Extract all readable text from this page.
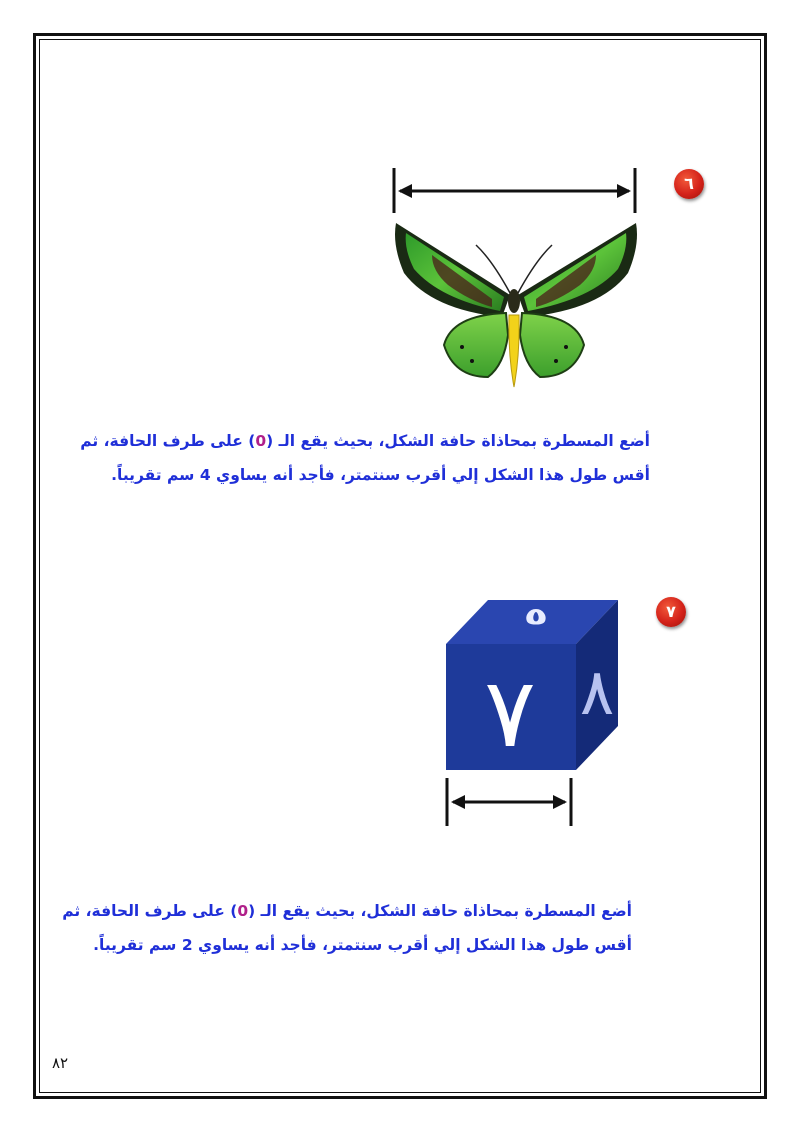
٦

أضع المسطرة بمحاذاة حافة الشكل، بحيث يقع الـ (0) على طرف الحافة، ثم

أقس طول هذا الشكل إلي أقرب سنتمتر، فأجد أنه يساوي 4 سم تقريباً.

٧
٥
٧ ٨

أضع المسطرة بمحاذاة حافة الشكل، بحيث يقع الـ (0) على طرف الحافة، ثم

أقس طول هذا الشكل إلي أقرب سنتمتر، فأجد أنه يساوي 2 سم تقريباً.

٨٢
